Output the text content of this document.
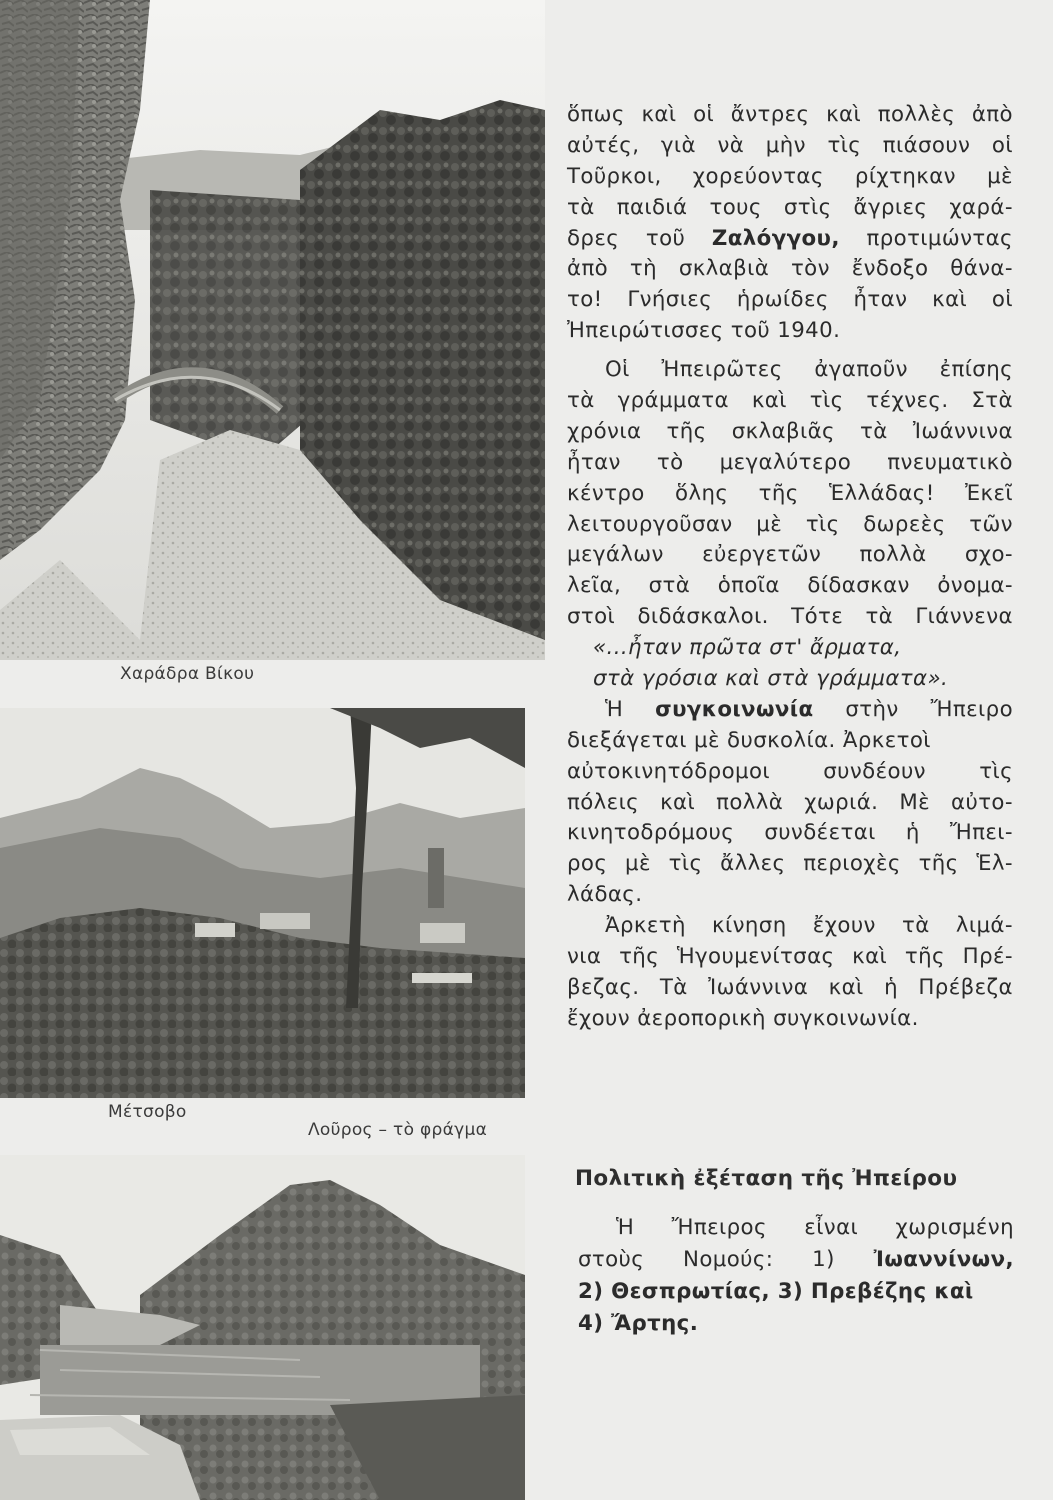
Χαράδρα Βίκου
Μέτσοβο
Λοῦρος – τὸ φράγμα
ὅπως καὶ οἱ ἄντρες καὶ πολλὲς ἀπὸ
αὐτές, γιὰ νὰ μὴν τὶς πιάσουν οἱ
Τοῦρκοι, χορεύοντας ρίχτηκαν μὲ
τὰ παιδιά τους στὶς ἄγριες χαρά-
δρες τοῦ Ζαλόγγου, προτιμώντας
ἀπὸ τὴ σκλαβιὰ τὸν ἔνδοξο θάνα-
το! Γνήσιες ἡρωίδες ἦταν καὶ οἱ
Ἠπειρώτισσες τοῦ 1940.
Οἱ Ἠπειρῶτες ἀγαποῦν ἐπίσης
τὰ γράμματα καὶ τὶς τέχνες. Στὰ
χρόνια τῆς σκλαβιᾶς τὰ Ἰωάννινα
ἦταν τὸ μεγαλύτερο πνευματικὸ
κέντρο ὅλης τῆς Ἑλλάδας! Ἐκεῖ
λειτουργοῦσαν μὲ τὶς δωρεὲς τῶν
μεγάλων εὐεργετῶν πολλὰ σχο-
λεῖα, στὰ ὁποῖα δίδασκαν ὀνομα-
στοὶ διδάσκαλοι. Τότε τὰ Γιάννενα
«...ἦταν πρῶτα στ' ἄρματα,
στὰ γρόσια καὶ στὰ γράμματα».
Ἡ συγκοινωνία στὴν Ἤπειρο
διεξάγεται μὲ δυσκολία. Ἀρκετοὶ
αὐτοκινητόδρομοι	συνδέουν	τὶς
πόλεις καὶ πολλὰ χωριά. Μὲ αὐτο-
κινητοδρόμους συνδέεται ἡ Ἤπει-
ρος μὲ τὶς ἄλλες περιοχὲς τῆς Ἑλ-
λάδας.
Ἀρκετὴ κίνηση ἔχουν τὰ λιμά-
νια τῆς Ἡγουμενίτσας καὶ τῆς Πρέ-
βεζας. Τὰ Ἰωάννινα καὶ ἡ Πρέβεζα
ἔχουν ἀεροπορικὴ συγκοινωνία.
Πολιτικὴ ἐξέταση τῆς Ἠπείρου
Ἡ Ἤπειρος εἶναι χωρισμένη
στοὺς Νομούς: 1) Ἰωαννίνων,
2) Θεσπρωτίας, 3) Πρεβέζης καὶ
4) Ἄρτης.
